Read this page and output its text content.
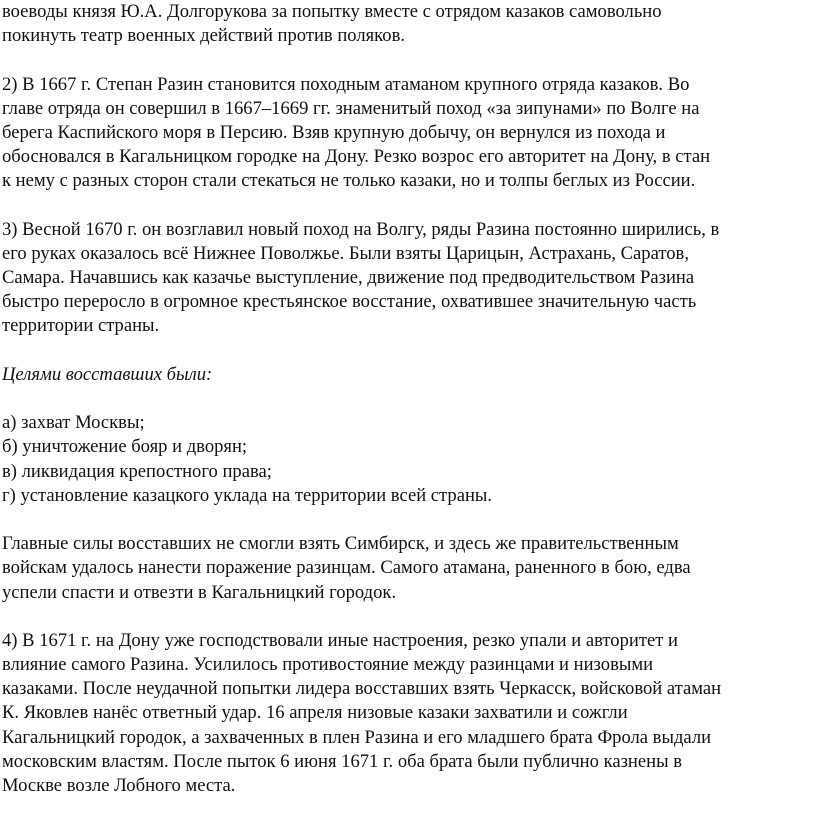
воеводы князя Ю.А. Долгорукова за попытку вместе с отрядом казаков самовольно
покинуть театр военных действий против поляков.
2) В 1667 г. Степан Разин становится походным атаманом крупного отряда казаков. Во
главе отряда он совершил в 1667–1669 гг. знаменитый поход «за зипунами» по Волге на
берега Каспийского моря в Персию. Взяв крупную добычу, он вернулся из похода и
обосновался в Кагальницком городке на Дону. Резко возрос его авторитет на Дону, в стан
к нему с разных сторон стали стекаться не только казаки, но и толпы беглых из России.
3) Весной 1670 г. он возглавил новый поход на Волгу, ряды Разина постоянно ширились, в
его руках оказалось всё Нижнее Поволжье. Были взяты Царицын, Астрахань, Саратов,
Самара. Начавшись как казачье выступление, движение под предводительством Разина
быстро переросло в огромное крестьянское восстание, охватившее значительную часть
территории страны.
Целями восставших были:
а) захват Москвы;
б) уничтожение бояр и дворян;
в) ликвидация крепостного права;
г) установление казацкого уклада на территории всей страны.
Главные силы восставших не смогли взять Симбирск, и здесь же правительственным
войскам удалось нанести поражение разинцам. Самого атамана, раненного в бою, едва
успели спасти и отвезти в Кагальницкий городок.
4) В 1671 г. на Дону уже господствовали иные настроения, резко упали и авторитет и
влияние самого Разина. Усилилось противостояние между разинцами и низовыми
казаками. После неудачной попытки лидера восставших взять Черкасск, войсковой атаман
К. Яковлев нанёс ответный удар. 16 апреля низовые казаки захватили и сожгли
Кагальницкий городок, а захваченных в плен Разина и его младшего брата Фрола выдали
московским властям. После пыток 6 июня 1671 г. оба брата были публично казнены в
Москве возле Лобного места.
